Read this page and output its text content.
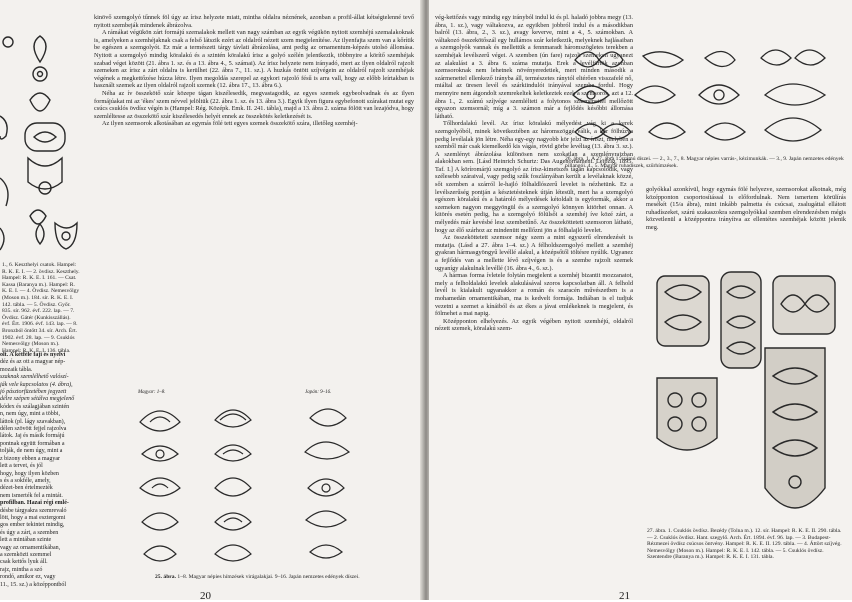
1., 6. Keszthelyi csatok. Hampel: R. K. E. I. — 2. övdisz. Keszthely. Hampel: R. K. E. I. 161. — Csat. Kassa (Baranya m.). Hampel: R. K. E. I. — 4. Övdisz. Nemesvölgy (Moson m.). 184. sír. R. K. E. I. 142. tábla. — 5. Övdisz. Győr. 835. sír. 962. évf. 222. lap. — 7. Övdísz. Gátér (Kunkisszállás). évf. Ért. 1906. évf. 143. lap. — 8. Bronzból öntött 34. sír. Arch. Ért. 1902. évf. 28. lap. — 9. Csuklós Nemesvölgy (Moson m.). Hampel: R. K. E. I. 136. tábla.
olt. A kétféle faji és nyelvi
déz és az ott a magyar nép-
mozaik tábla.
szaknak szemlélhető valószí-
ják vele kapcsolatos (4. ábra),
jó pásztorfüzetében jegyzett
délre szépen sétálva megjelenő
kódex és szálagjában szintén
n, nem úgy, mint a többi,
láttok (pl. lágy szavakban),
délen szövött fejjel rajzolva
látok. Jaj és másik formájú
pontnak együtt formában a
tolják, de nem úgy, mint a
z bizony ebben a magyar
lett a tervet, és jól
hogy, hogy ilyen közben
s és a sokféle, amely,
dézet-ben értelmezték
nem ismerték fel a mintát.
profilban. Hazai régi emlé-
désbe tárgyakra szemrevaló
lött, hogy a mai esztergomi
gos ember tekintet mindig,
és úgy a zárt, a szemben
lett a mintában szinte
vagy az ornamentikában,
a szemközti szemmel
csak kettős lyuk áll.
rajz, mintha a szó
rondó, amikor ez, vagy
11., 15. sz.) a középpontból

kinövő szemgolyó tűnnek föl úgy az írisz helyzete miatt, mintha oldalra néznének, azonban a profil-állat kétségtelenné tevő nyitott szembeják mindenek ábrázolva.

A rámákat végükön zárt formájú szemalakok mellett van nagy számban az egyik végükön nyitott szemhéjú szemalakoknak is, amelyeken a szemhéjaknak csak a felső látszik ezért az oldalról nézett szem megjelenítése. Az ilyenfajta szem van a kőrítik be egészen a szemgolyót. Ez már a természeti tárgy távlati ábrázolása, ami pedig az ornamentum-képzés utolsó állomása. Nyitott a szemgolyó mindig köralakú és a szintén köralakú írisz a golyó szélén jelentkezik, többnyire a körítő szemhéjak szabad végei között (21. ábra 1. sz. és a 13. ábra 4., 5. számai). Az írisz helyzete nem irányadó, mert az ilyen oldalról rajzolt szemeken az írisz a zárt oldalra is kerülhet (22. ábra 7., 11. sz.). A huzkás öntött szíjvégein az oldalról rajzolt szemhéjak végének a megkettőzése húzza létre. Ilyen megoldás szerepel az egykori rajzoló fésű is arra vall, hogy az előbb leírtakban is használt szemek az ilyen oldalról rajzolt szemek (12. ábra 17., 13. ábra 6.).

Néha az ív összekötő szár közepe tágan kiszélesedik, megvastagodik, az egyes szemek egybeolvadnak és az ilyen formájúakat mi az 'ékes' szem névvel jelöltük (22. ábra 1. sz. és 13. ábra 3.). Egyik ilyen figura egybefonott szárakat mutat egy csúcs csuklós övdísz végén is (Hampel: Rég. Középk. Emk. II. 241. tábla), majd a 13. ábra 2. száma fölött van lezajódva, hogy szemléltesse az összekötő szár kiszélesedés helyét ennek az összekötés keletkezését is.

Az ilyen szemsorok alkotásában az egymás fölé tett egyes szemek összekötő szára, illetőleg szemhéj-

Magyar: 1–8.	Japán: 9–16.
25. ábra. 1–8. Magyar népies hímzések virágalakjai. 9–16. Japán nemzetes edények díszei.
20

vég-kettőzés vagy mindig egy irányból indul ki és pl. haladó jobbra megy (13. ábra, 1. sz.), vagy váltakozva, az egyikben jobbról indul és a másodikban balról (13. ábra, 2., 3. sz.), avagy keverve, mint a 4., 5. számokban. A váltakozó összekötőszál egy hullámos szár keletkezik, melyeknek hajlásaiban a szemgolyók vannak és mellettük a fennmaradt háromszögletes terekben a szemhéjak levélszerű végei. A szemben (ún fare) rajzolt szemeken ugyanezt az alakulást a 3. ábra 6. száma mutatja. Erek a levélfürtök azonban szemsoroknak nem lehetnek növényeredetiek, mert minden második a szármenettel ellenkező irányba áll, természetes ránytól eltérően visszafelé nő, miáltal az üresen levél és szárkiindulói irányával szembe fordul. Hogy mennyire nem átgondolt szemrekeltek keletkeztek ezek a szemsorok, azt a 12. ábra 1., 2. számú szíjvége szemlélteti a folytonos szármenettel mellőzött egyazon szemsornál; míg a 3. számon már a fejlődés későbbi állomása látható.

Tőlhordalakú levél. Az írisz köralakú mélyedést vág ki a kerek szemgolyóból, minek következtében az háromszöggé válik, a kör fölhúzva pedig levélalak jön létre. Néha egy-egy nagyobb kör jelzi az íriszt, melyben a szemből már csak kiemelkedő kis vágás, rövid görbe levéltag (13. ábra 3. sz.). A szemlényt ábrázolása különösen nem szokatlan a szemlényrajzban alakokban sem. [Lásd Heinrich Schurtz: Das Augenornament. Leipzig, 1895. Taf. I.] A köríromárjú szemgolyó az írisz-kimetszés tágan kapcsolódik, vagy szélesebb száraival, vagy pedig szűk foszlányában került a levélaknak közzé, sőt szemben a szárról le-hajló fölhaldlószerű levelet is nézhetünk. Ez a levélszerűség pontján a késztetésteknek útján létesült, mert ha a szemgolyó egészen köralakú és a határoló mélyedések kétoldalt is egyformák, akkor a szemeken nagyon meggyöngül és a szemgolyó könnyen kitörhet onnan. A kitörés esetén pedig, ha a szemgolyó fölülsői a szemhéj íve közé zárt, a mélyedés már kevésbé lesz szembetűnő. Az összeköttetett szemsoron látható, hogy az élő szárhoz az mindenütt mellőzni jön a fölhalajló levelet.

Az összeköttetett szemsor négy szem a mint egyszerű elrendezését is mutatja. (Lásd a 27. ábra 1–4. sz.) A félholdszemgolyó mellett a szemhéj gyakran hármasgyöngyű levéllé alakul, a középsőtől töltésre nyúlik. Ugyanez a fejlődés van a mellette lévő szíjvégen is és a szembe rajzolt szemek ugyanígy alakulnak levéllé (16. ábra 4., 6. sz.).

A hármas forma ívletele folytán megjelent a szemhéj bizantit mozzanatot, mely a felholdalakú levelek alakulásával szoros kapcsolatban áll. A felhold levél is kialakult ugyanakkor a román és szaracén művészetben is a mohamedán ornamentikában, ma is kedvelt formája. Indiában is el tudjuk vezetni a szemet a kínáiból és az ékes a jávai emlékeknek is megjelent, és fölmehet a mai napig.

Középponton elhelyezés. Az egyik végében nyitott szemhéjú, oldalról nézett szemek, köralakú szem-

26. ábra. 1. A 27. ábra 1. számú díszei. — 2., 3., 7., 8. Magyar népies varrás-, kézimunkák. — 3., 9. Japán nemzetes edények pillangói. 4., 5. Magyar ruhadíszek, szűrhímzések.

golyókkal azonkívül, hogy egymás fölé helyezve, szemsorokat alkotnak, még középponton csoportosítással is előfordulnak. Nem ismertem körülírás mesékét (15/a ábra), mint inkább palmetta és csúcsai, zsalugáttal ellátott ruhadíszeket, szárú szakaszokra szemgolyókkal szemben elrendezésben mégis közvetlenül a középpontra irányítva az ellentétes szemhéjak között jelenik meg.

27. ábra. 1. Csuklós övdísz. Bezédy (Tolna m.). 12. sír. Hampel: R. K. E. II. 290. tábla. — 2. Csuklós övdísz. Hant. szegylő. Arch. Ért. 1894. évf. 96. lap. — 3. Budapest-Rézmezei övdísz csúcsos öntvény. Hampel: R. K. E. II. 129. tábla. — 4. Áttört szíjvég. Nemesvölgy (Moson m.). Hampel: R. K. E. I. 142. tábla. — 5. Csuklós övdísz. Szentendre (Baranya m.). Hampel: R. K. E. I. 131. tábla.
21
